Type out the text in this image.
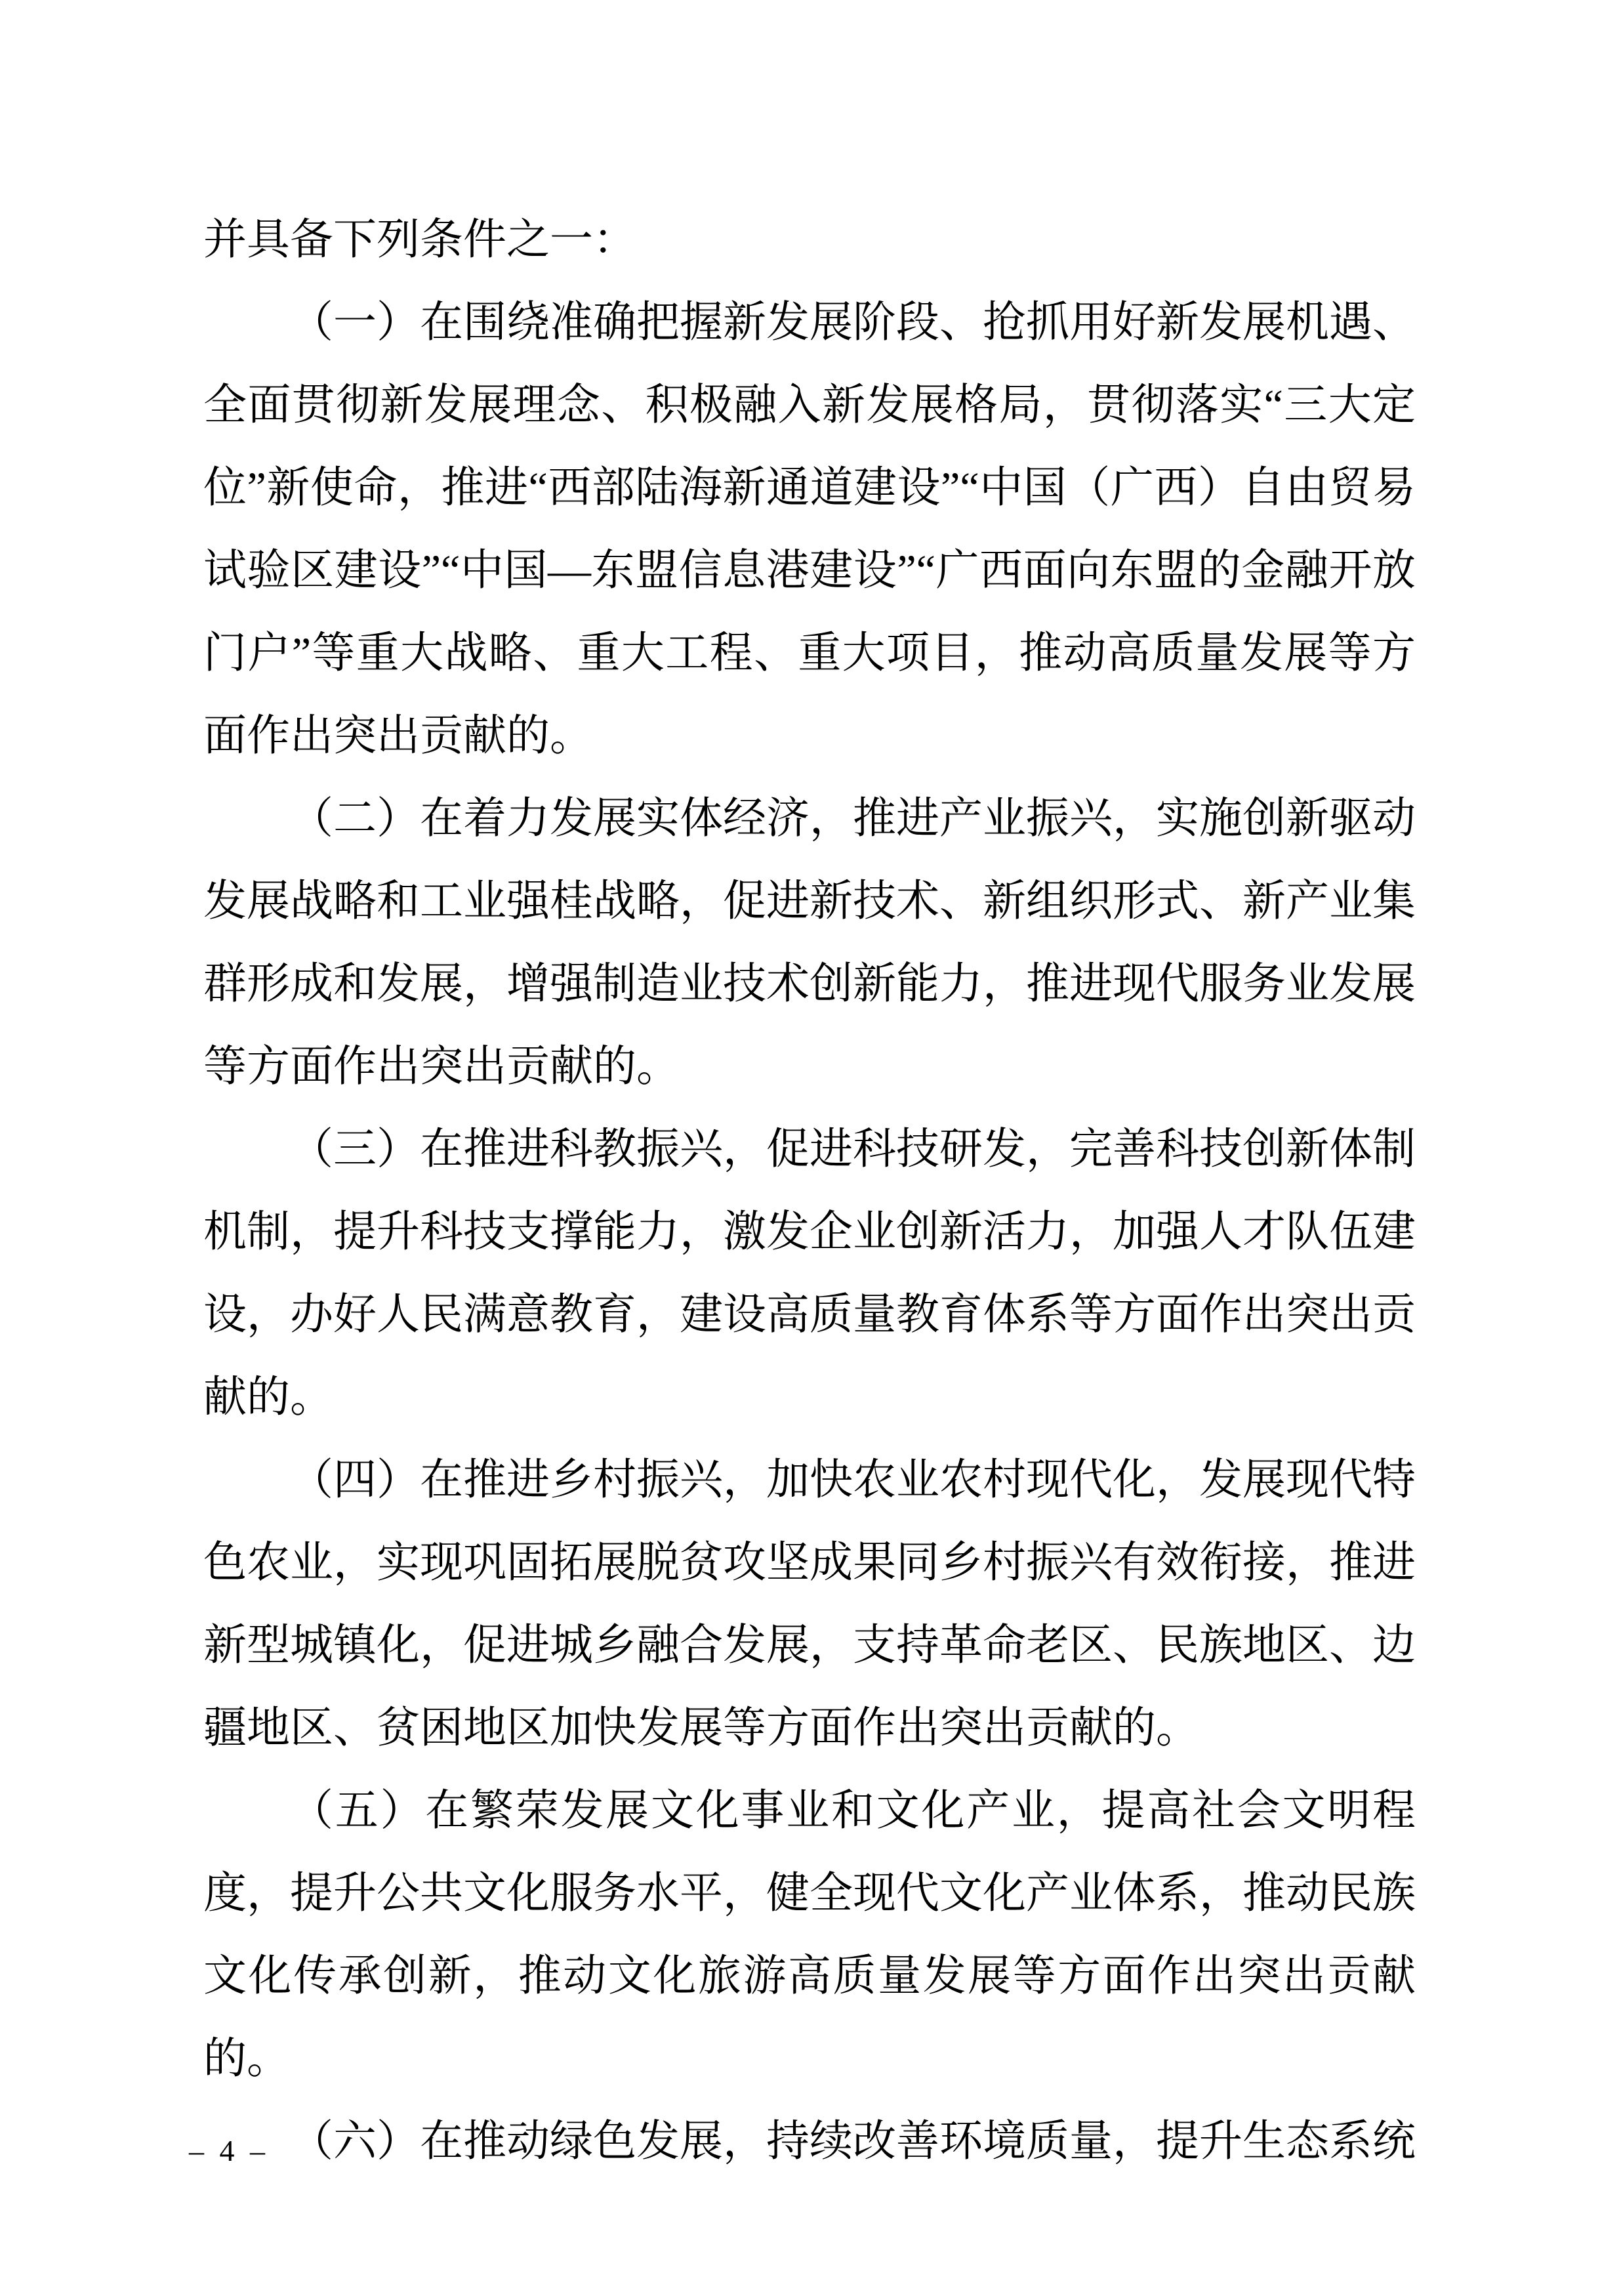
并具备下列条件之一：

（一）在围绕准确把握新发展阶段、抢抓用好新发展机遇、全面贯彻新发展理念、积极融入新发展格局，贯彻落实“三大定位”新使命，推进“西部陆海新通道建设”“中国（广西）自由贸易试验区建设”“中国—东盟信息港建设”“广西面向东盟的金融开放门户”等重大战略、重大工程、重大项目，推动高质量发展等方面作出突出贡献的。

（二）在着力发展实体经济，推进产业振兴，实施创新驱动发展战略和工业强桂战略，促进新技术、新组织形式、新产业集群形成和发展，增强制造业技术创新能力，推进现代服务业发展等方面作出突出贡献的。

（三）在推进科教振兴，促进科技研发，完善科技创新体制机制，提升科技支撑能力，激发企业创新活力，加强人才队伍建设，办好人民满意教育，建设高质量教育体系等方面作出突出贡献的。

（四）在推进乡村振兴，加快农业农村现代化，发展现代特色农业，实现巩固拓展脱贫攻坚成果同乡村振兴有效衔接，推进新型城镇化，促进城乡融合发展，支持革命老区、民族地区、边疆地区、贫困地区加快发展等方面作出突出贡献的。

（五）在繁荣发展文化事业和文化产业，提高社会文明程度，提升公共文化服务水平，健全现代文化产业体系，推动民族文化传承创新，推动文化旅游高质量发展等方面作出突出贡献的。

（六）在推动绿色发展，持续改善环境质量，提升生态系统

– 4 –
